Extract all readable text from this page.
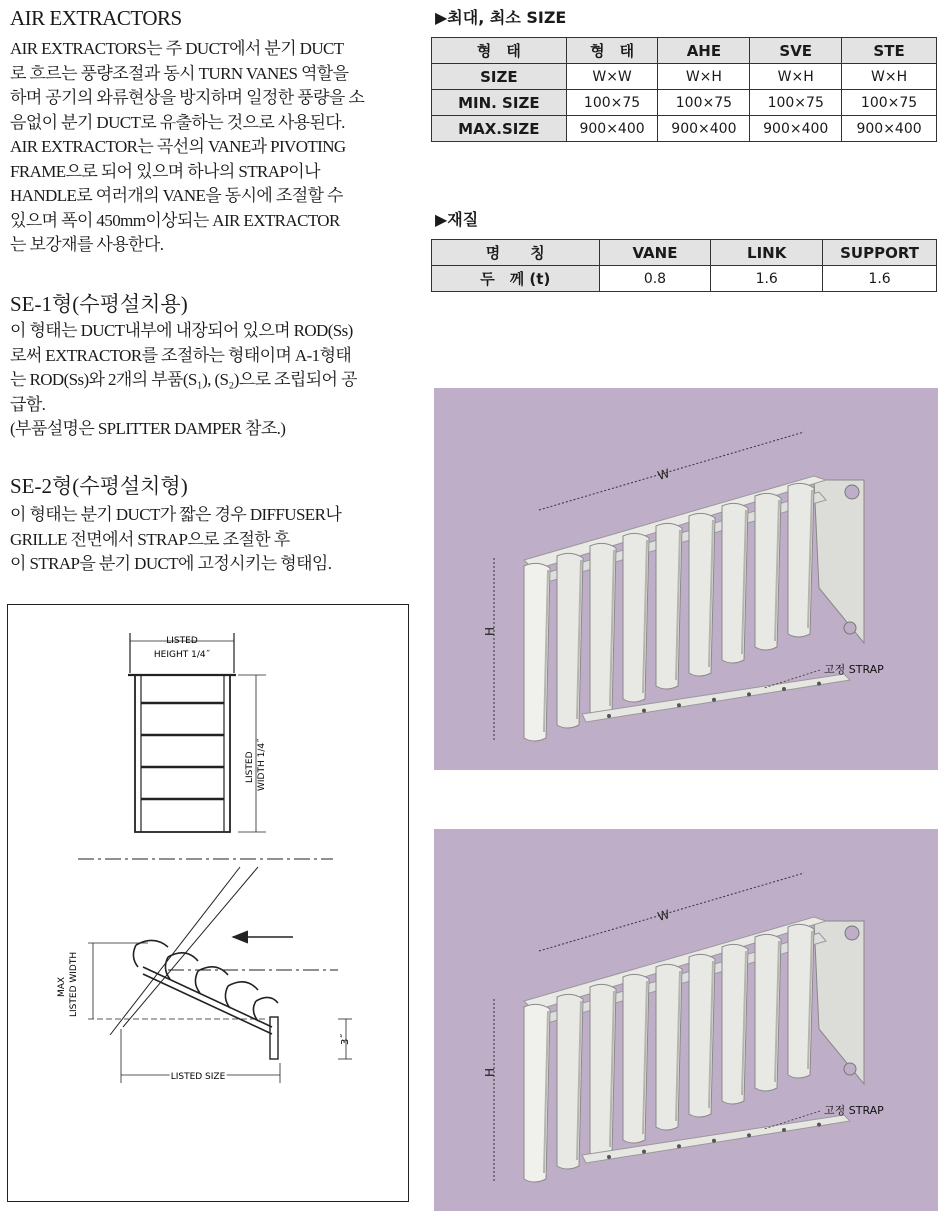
AIR EXTRACTORS
AIR EXTRACTORS는 주 DUCT에서 분기 DUCT
로 흐르는 풍량조절과 동시 TURN VANES 역할을
하며 공기의 와류현상을 방지하며 일정한 풍량을 소
음없이 분기 DUCT로 유출하는 것으로 사용된다.
AIR EXTRACTOR는 곡선의 VANE과 PIVOTING
FRAME으로 되어 있으며 하나의 STRAP이나
HANDLE로 여러개의 VANE을 동시에 조절할 수
있으며 폭이 450mm이상되는 AIR EXTRACTOR
는 보강재를 사용한다.
SE-1형(수평설치용)
이 형태는 DUCT내부에 내장되어 있으며 ROD(Ss)
로써 EXTRACTOR를 조절하는 형태이며 A-1형태
는 ROD(Ss)와 2개의 부품(S₁), (S₂)으로 조립되어 공
급함.
(부품설명은 SPLITTER DAMPER 참조.)
SE-2형(수평설치형)
이 형태는 분기 DUCT가 짧은 경우 DIFFUSER나
GRILLE 전면에서 STRAP으로 조절한 후
이 STRAP을 분기 DUCT에 고정시키는 형태임.
LISTED
HEIGHT 1/4˝
LISTED WIDTH 1/4˝
MAX LISTED WIDTH
3˝
LISTED SIZE
▶최대, 최소 SIZE
형　태	형　태	AHE	SVE	STE
SIZE	W×W	W×H	W×H	W×H
MIN. SIZE	100×75	100×75	100×75	100×75
MAX.SIZE	900×400	900×400	900×400	900×400
▶재질
명　　칭	VANE	LINK	SUPPORT
두　께 (t)	0.8	1.6	1.6
W
H
고정 STRAP
W
H
고정 STRAP
